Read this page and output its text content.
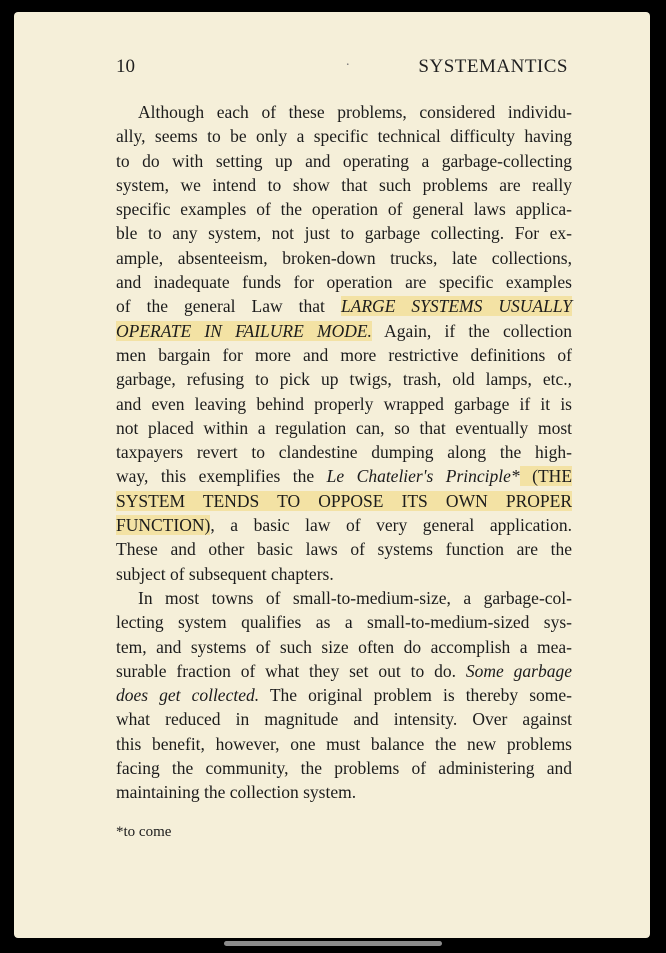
10	.	SYSTEMANTICS
Although each of these problems, considered individu-
ally, seems to be only a specific technical difficulty having
to do with setting up and operating a garbage-collecting
system, we intend to show that such problems are really
specific examples of the operation of general laws applica-
ble to any system, not just to garbage collecting. For ex-
ample, absenteeism, broken-down trucks, late collections,
and inadequate funds for operation are specific examples
of the general Law that LARGE SYSTEMS USUALLY
OPERATE IN FAILURE MODE. Again, if the collection
men bargain for more and more restrictive definitions of
garbage, refusing to pick up twigs, trash, old lamps, etc.,
and even leaving behind properly wrapped garbage if it is
not placed within a regulation can, so that eventually most
taxpayers revert to clandestine dumping along the high-
way, this exemplifies the Le Chatelier's Principle* (THE
SYSTEM TENDS TO OPPOSE ITS OWN PROPER
FUNCTION), a basic law of very general application.
These and other basic laws of systems function are the
subject of subsequent chapters.
In most towns of small-to-medium-size, a garbage-col-
lecting system qualifies as a small-to-medium-sized sys-
tem, and systems of such size often do accomplish a mea-
surable fraction of what they set out to do. Some garbage
does get collected. The original problem is thereby some-
what reduced in magnitude and intensity. Over against
this benefit, however, one must balance the new problems
facing the community, the problems of administering and
maintaining the collection system.
*to come
